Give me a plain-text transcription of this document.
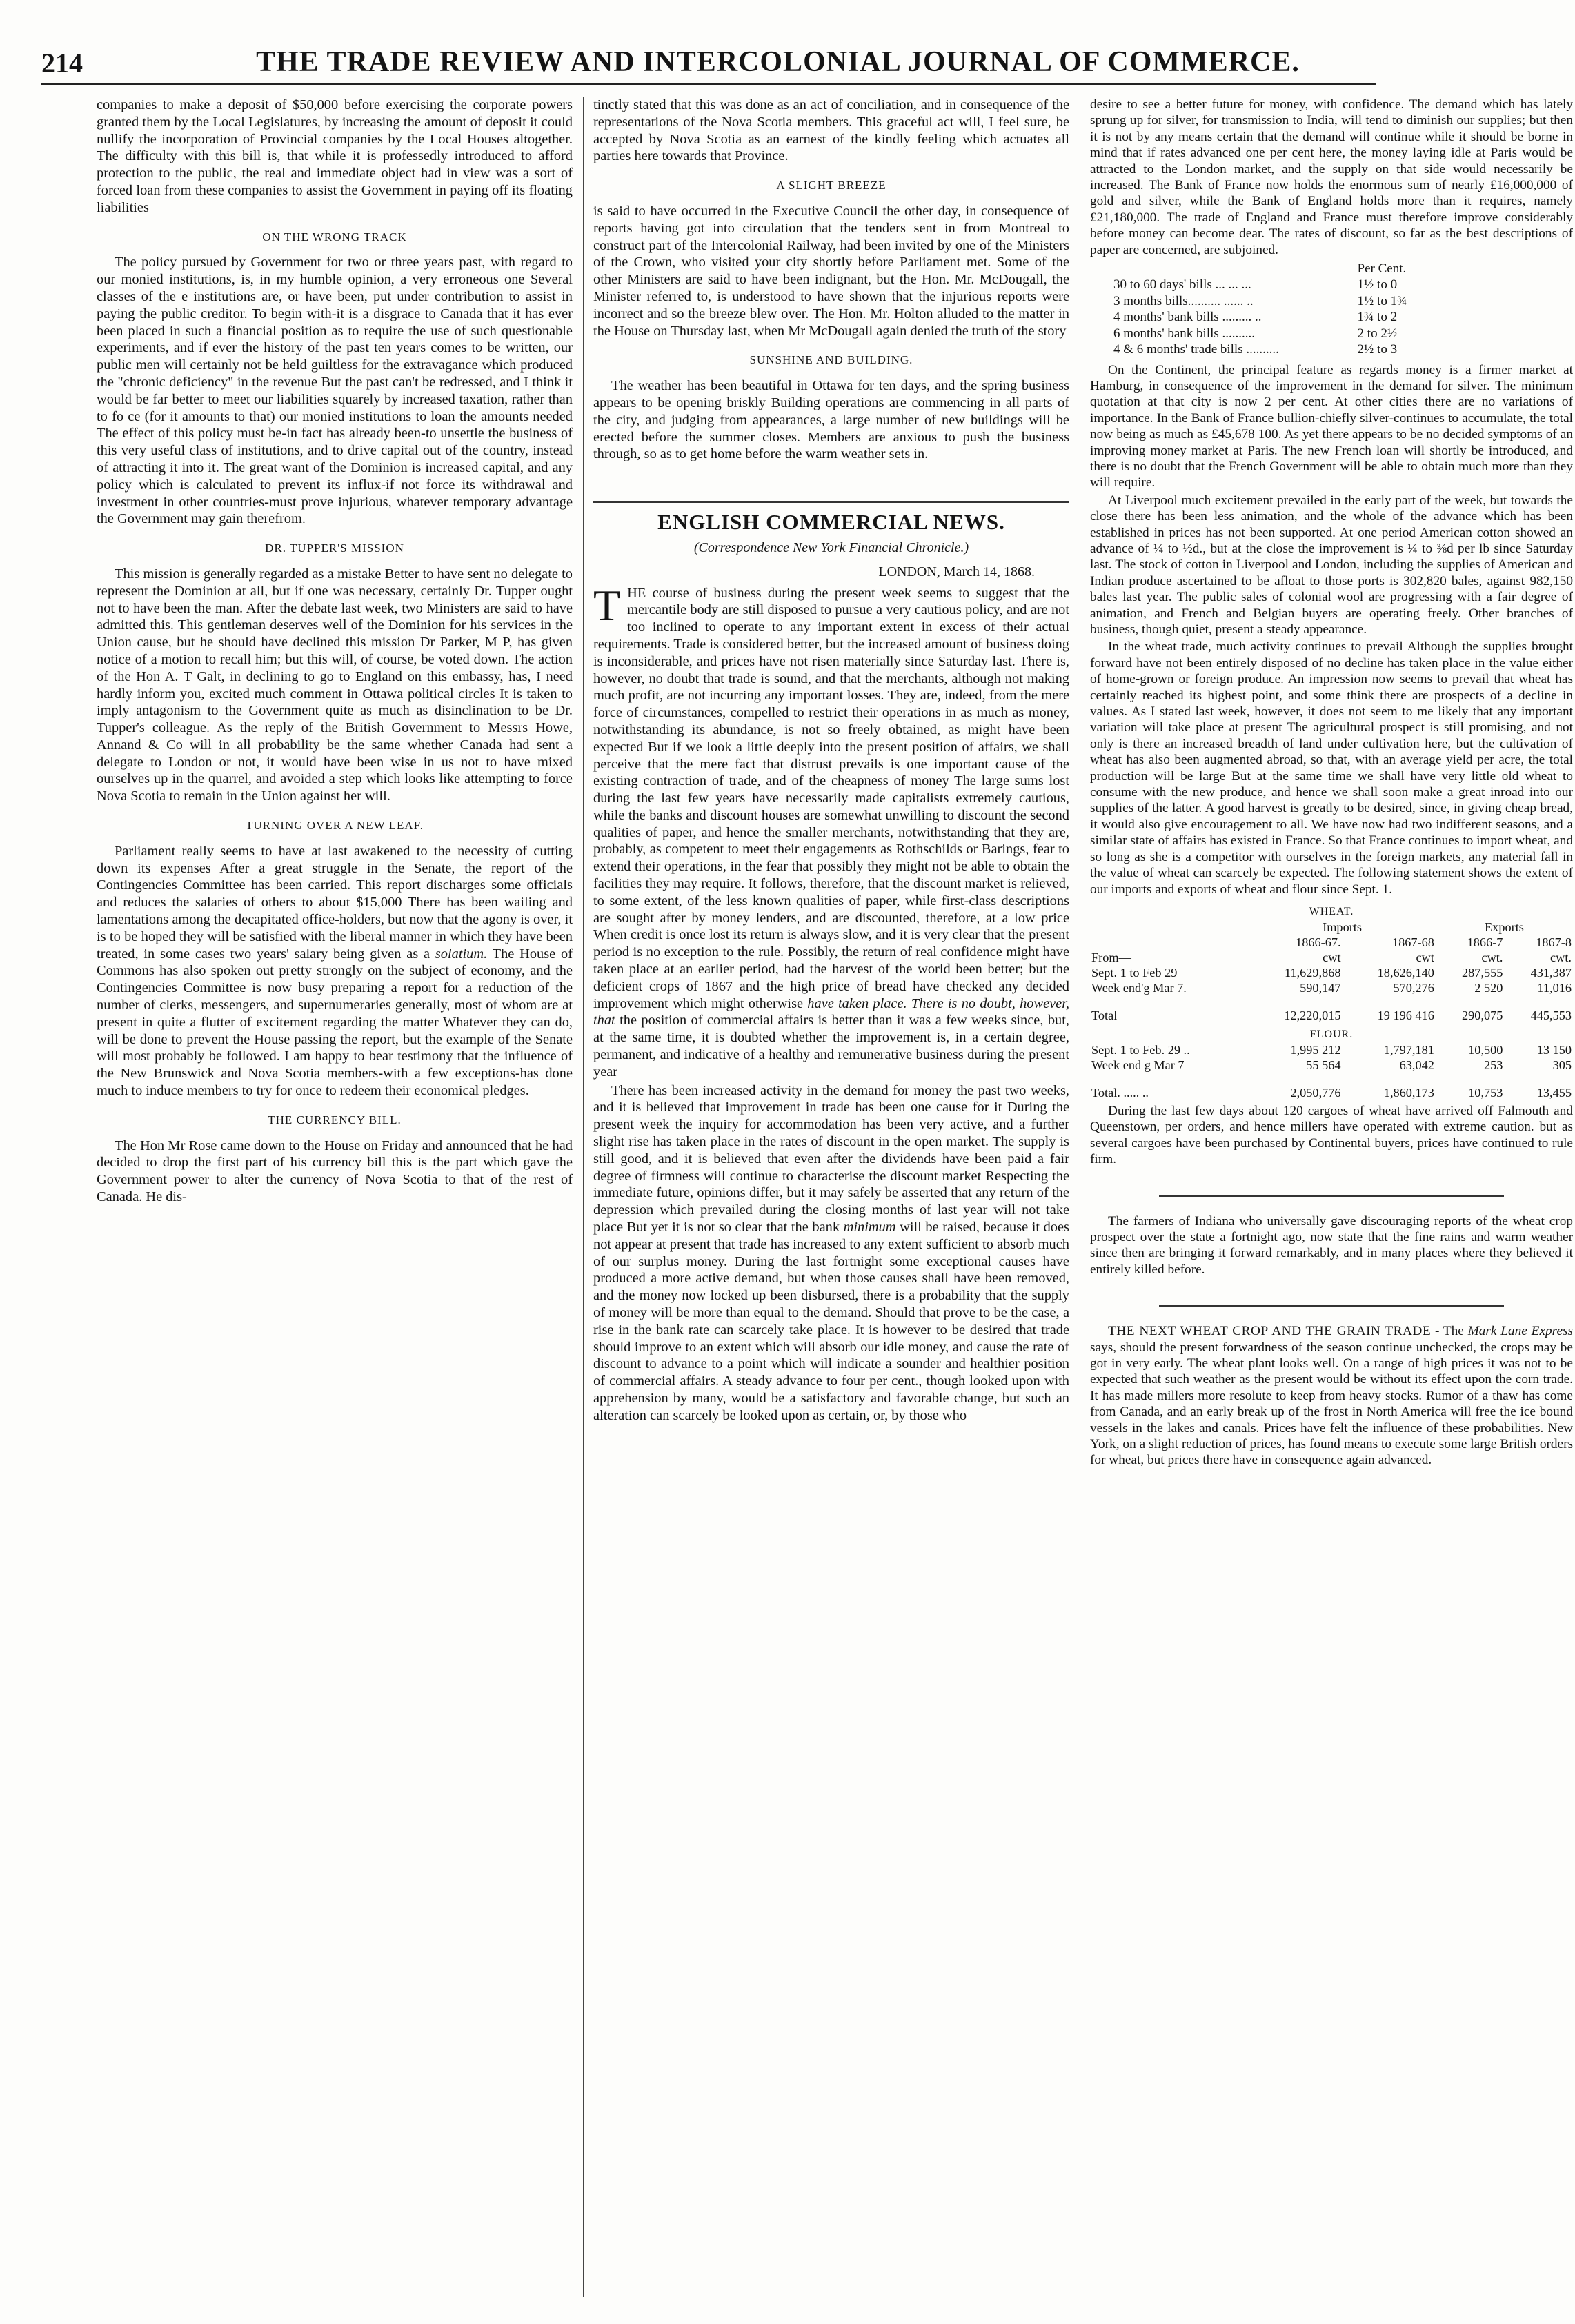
214	THE TRADE REVIEW AND INTERCOLONIAL JOURNAL OF COMMERCE.

companies to make a deposit of $50,000 before exercising the corporate powers granted them by the Local Legislatures, by increasing the amount of deposit it could nullify the incorporation of Provincial companies by the Local Houses altogether. The difficulty with this bill is, that while it is professedly introduced to afford protection to the public, the real and immediate object had in view was a sort of forced loan from these companies to assist the Government in paying off its floating liabilities

ON THE WRONG TRACK

The policy pursued by Government for two or three years past, with regard to our monied institutions, is, in my humble opinion, a very erroneous one Several classes of the e institutions are, or have been, put under contribution to assist in paying the public creditor. To begin with-it is a disgrace to Canada that it has ever been placed in such a financial position as to require the use of such questionable experiments, and if ever the history of the past ten years comes to be written, our public men will certainly not be held guiltless for the extravagance which produced the "chronic deficiency" in the revenue But the past can't be redressed, and I think it would be far better to meet our liabilities squarely by increased taxation, rather than to fo ce (for it amounts to that) our monied institutions to loan the amounts needed The effect of this policy must be-in fact has already been-to unsettle the business of this very useful class of institutions, and to drive capital out of the country, instead of attracting it into it. The great want of the Dominion is increased capital, and any policy which is calculated to prevent its influx-if not force its withdrawal and investment in other countries-must prove injurious, whatever temporary advantage the Government may gain therefrom.

DR. TUPPER'S MISSION

This mission is generally regarded as a mistake Better to have sent no delegate to represent the Dominion at all, but if one was necessary, certainly Dr. Tupper ought not to have been the man. After the debate last week, two Ministers are said to have admitted this. This gentleman deserves well of the Dominion for his services in the Union cause, but he should have declined this mission Dr Parker, M P, has given notice of a motion to recall him; but this will, of course, be voted down. The action of the Hon A. T Galt, in declining to go to England on this embassy, has, I need hardly inform you, excited much comment in Ottawa political circles It is taken to imply antagonism to the Government quite as much as disinclination to be Dr. Tupper's colleague. As the reply of the British Government to Messrs Howe, Annand & Co will in all probability be the same whether Canada had sent a delegate to London or not, it would have been wise in us not to have mixed ourselves up in the quarrel, and avoided a step which looks like attempting to force Nova Scotia to remain in the Union against her will.

TURNING OVER A NEW LEAF.

Parliament really seems to have at last awakened to the necessity of cutting down its expenses After a great struggle in the Senate, the report of the Contingencies Committee has been carried. This report discharges some officials and reduces the salaries of others to about $15,000 There has been wailing and lamentations among the decapitated office-holders, but now that the agony is over, it is to be hoped they will be satisfied with the liberal manner in which they have been treated, in some cases two years' salary being given as a solatium. The House of Commons has also spoken out pretty strongly on the subject of economy, and the Contingencies Committee is now busy preparing a report for a reduction of the number of clerks, messengers, and supernumeraries generally, most of whom are at present in quite a flutter of excitement regarding the matter Whatever they can do, will be done to prevent the House passing the report, but the example of the Senate will most probably be followed. I am happy to bear testimony that the influence of the New Brunswick and Nova Scotia members-with a few exceptions-has done much to induce members to try for once to redeem their economical pledges.

THE CURRENCY BILL.

The Hon Mr Rose came down to the House on Friday and announced that he had decided to drop the first part of his currency bill this is the part which gave the Government power to alter the currency of Nova Scotia to that of the rest of Canada. He dis-

tinctly stated that this was done as an act of conciliation, and in consequence of the representations of the Nova Scotia members. This graceful act will, I feel sure, be accepted by Nova Scotia as an earnest of the kindly feeling which actuates all parties here towards that Province.

A SLIGHT BREEZE

is said to have occurred in the Executive Council the other day, in consequence of reports having got into circulation that the tenders sent in from Montreal to construct part of the Intercolonial Railway, had been invited by one of the Ministers of the Crown, who visited your city shortly before Parliament met. Some of the other Ministers are said to have been indignant, but the Hon. Mr. McDougall, the Minister referred to, is understood to have shown that the injurious reports were incorrect and so the breeze blew over. The Hon. Mr. Holton alluded to the matter in the House on Thursday last, when Mr McDougall again denied the truth of the story

SUNSHINE AND BUILDING.

The weather has been beautiful in Ottawa for ten days, and the spring business appears to be opening briskly Building operations are commencing in all parts of the city, and judging from appearances, a large number of new buildings will be erected before the summer closes. Members are anxious to push the business through, so as to get home before the warm weather sets in.

ENGLISH COMMERCIAL NEWS.
(Correspondence New York Financial Chronicle.)
LONDON, March 14, 1868.

T HE course of business during the present week seems to suggest that the mercantile body are still disposed to pursue a very cautious policy, and are not too inclined to operate to any important extent in excess of their actual requirements. Trade is considered better, but the increased amount of business doing is inconsiderable, and prices have not risen materially since Saturday last. There is, however, no doubt that trade is sound, and that the merchants, although not making much profit, are not incurring any important losses. They are, indeed, from the mere force of circumstances, compelled to restrict their operations in as much as money, notwithstanding its abundance, is not so freely obtained, as might have been expected But if we look a little deeply into the present position of affairs, we shall perceive that the mere fact that distrust prevails is one important cause of the existing contraction of trade, and of the cheapness of money The large sums lost during the last few years have necessarily made capitalists extremely cautious, while the banks and discount houses are somewhat unwilling to discount the second qualities of paper, and hence the smaller merchants, notwithstanding that they are, probably, as competent to meet their engagements as Rothschilds or Barings, fear to extend their operations, in the fear that possibly they might not be able to obtain the facilities they may require. It follows, therefore, that the discount market is relieved, to some extent, of the less known qualities of paper, while first-class descriptions are sought after by money lenders, and are discounted, therefore, at a low price When credit is once lost its return is always slow, and it is very clear that the present period is no exception to the rule. Possibly, the return of real confidence might have taken place at an earlier period, had the harvest of the world been better; but the deficient crops of 1867 and the high price of bread have checked any decided improvement which might otherwise have taken place. There is no doubt, however, that the position of commercial affairs is better than it was a few weeks since, but, at the same time, it is doubted whether the improvement is, in a certain degree, permanent, and indicative of a healthy and remunerative business during the present year

There has been increased activity in the demand for money the past two weeks, and it is believed that improvement in trade has been one cause for it During the present week the inquiry for accommodation has been very active, and a further slight rise has taken place in the rates of discount in the open market. The supply is still good, and it is believed that even after the dividends have been paid a fair degree of firmness will continue to characterise the discount market Respecting the immediate future, opinions differ, but it may safely be asserted that any return of the depression which prevailed during the closing months of last year will not take place But yet it is not so clear that the bank minimum will be raised, because it does not appear at present that trade has increased to any extent sufficient to absorb much of our surplus money. During the last fortnight some exceptional causes have produced a more active demand, but when those causes shall have been removed, and the money now locked up been disbursed, there is a probability that the supply of money will be more than equal to the demand. Should that prove to be the case, a rise in the bank rate can scarcely take place. It is however to be desired that trade should improve to an extent which will absorb our idle money, and cause the rate of discount to advance to a point which will indicate a sounder and healthier position of commercial affairs. A steady advance to four per cent., though looked upon with apprehension by many, would be a satisfactory and favorable change, but such an alteration can scarcely be looked upon as certain, or, by those who

desire to see a better future for money, with confidence. The demand which has lately sprung up for silver, for transmission to India, will tend to diminish our supplies; but then it is not by any means certain that the demand will continue while it should be borne in mind that if rates advanced one per cent here, the money laying idle at Paris would be attracted to the London market, and the supply on that side would necessarily be increased. The Bank of France now holds the enormous sum of nearly £16,000,000 of gold and silver, while the Bank of England holds more than it requires, namely £21,180,000. The trade of England and France must therefore improve considerably before money can become dear. The rates of discount, so far as the best descriptions of paper are concerned, are subjoined.

	Per Cent.
30 to 60 days' bills ... ... ...	1½ to 0
3 months bills.......... ...... ..	1½ to 1¾
4 months' bank bills ......... ..	1¾ to 2
6 months' bank bills ..........	2 to 2½
4 & 6 months' trade bills ..........	2½ to 3

On the Continent, the principal feature as regards money is a firmer market at Hamburg, in consequence of the improvement in the demand for silver. The minimum quotation at that city is now 2 per cent. At other cities there are no variations of importance. In the Bank of France bullion-chiefly silver-continues to accumulate, the total now being as much as £45,678 100. As yet there appears to be no decided symptoms of an improving money market at Paris. The new French loan will shortly be introduced, and there is no doubt that the French Government will be able to obtain much more than they will require.

At Liverpool much excitement prevailed in the early part of the week, but towards the close there has been less animation, and the whole of the advance which has been established in prices has not been supported. At one period American cotton showed an advance of ¼ to ½d., but at the close the improvement is ¼ to ⅜d per lb since Saturday last. The stock of cotton in Liverpool and London, including the supplies of American and Indian produce ascertained to be afloat to those ports is 302,820 bales, against 982,150 bales last year. The public sales of colonial wool are progressing with a fair degree of animation, and French and Belgian buyers are operating freely. Other branches of business, though quiet, present a steady appearance.

In the wheat trade, much activity continues to prevail Although the supplies brought forward have not been entirely disposed of no decline has taken place in the value either of home-grown or foreign produce. An impression now seems to prevail that wheat has certainly reached its highest point, and some think there are prospects of a decline in values. As I stated last week, however, it does not seem to me likely that any important variation will take place at present The agricultural prospect is still promising, and not only is there an increased breadth of land under cultivation here, but the cultivation of wheat has also been augmented abroad, so that, with an average yield per acre, the total production will be large But at the same time we shall have very little old wheat to consume with the new produce, and hence we shall soon make a great inroad into our supplies of the latter. A good harvest is greatly to be desired, since, in giving cheap bread, it would also give encouragement to all. We have now had two indifferent seasons, and a similar state of affairs has existed in France. So that France continues to import wheat, and so long as she is a competitor with ourselves in the foreign markets, any material fall in the value of wheat can scarcely be expected. The following statement shows the extent of our imports and exports of wheat and flour since Sept. 1.

WHEAT.				
	—Imports—		—Exports—	
	1866-67.	1867-68	1866-7	1867-8
From—	cwt	cwt	cwt.	cwt.
Sept. 1 to Feb 29	11,629,868	18,626,140	287,555	431,387
Week end'g Mar 7.	590,147	570,276	2 520	11,016
Total	12,220,015	19 196 416	290,075	445,553
FLOUR.				
Sept. 1 to Feb. 29 ..	1,995 212	1,797,181	10,500	13 150
Week end g Mar 7	55 564	63,042	253	305
Total. ..... ..	2,050,776	1,860,173	10,753	13,455

During the last few days about 120 cargoes of wheat have arrived off Falmouth and Queenstown, per orders, and hence millers have operated with extreme caution. but as several cargoes have been purchased by Continental buyers, prices have continued to rule firm.

The farmers of Indiana who universally gave discouraging reports of the wheat crop prospect over the state a fortnight ago, now state that the fine rains and warm weather since then are bringing it forward remarkably, and in many places where they believed it entirely killed before.

THE NEXT WHEAT CROP AND THE GRAIN TRADE - The Mark Lane Express says, should the present forwardness of the season continue unchecked, the crops may be got in very early. The wheat plant looks well. On a range of high prices it was not to be expected that such weather as the present would be without its effect upon the corn trade. It has made millers more resolute to keep from heavy stocks. Rumor of a thaw has come from Canada, and an early break up of the frost in North America will free the ice bound vessels in the lakes and canals. Prices have felt the influence of these probabilities. New York, on a slight reduction of prices, has found means to execute some large British orders for wheat, but prices there have in consequence again advanced.
